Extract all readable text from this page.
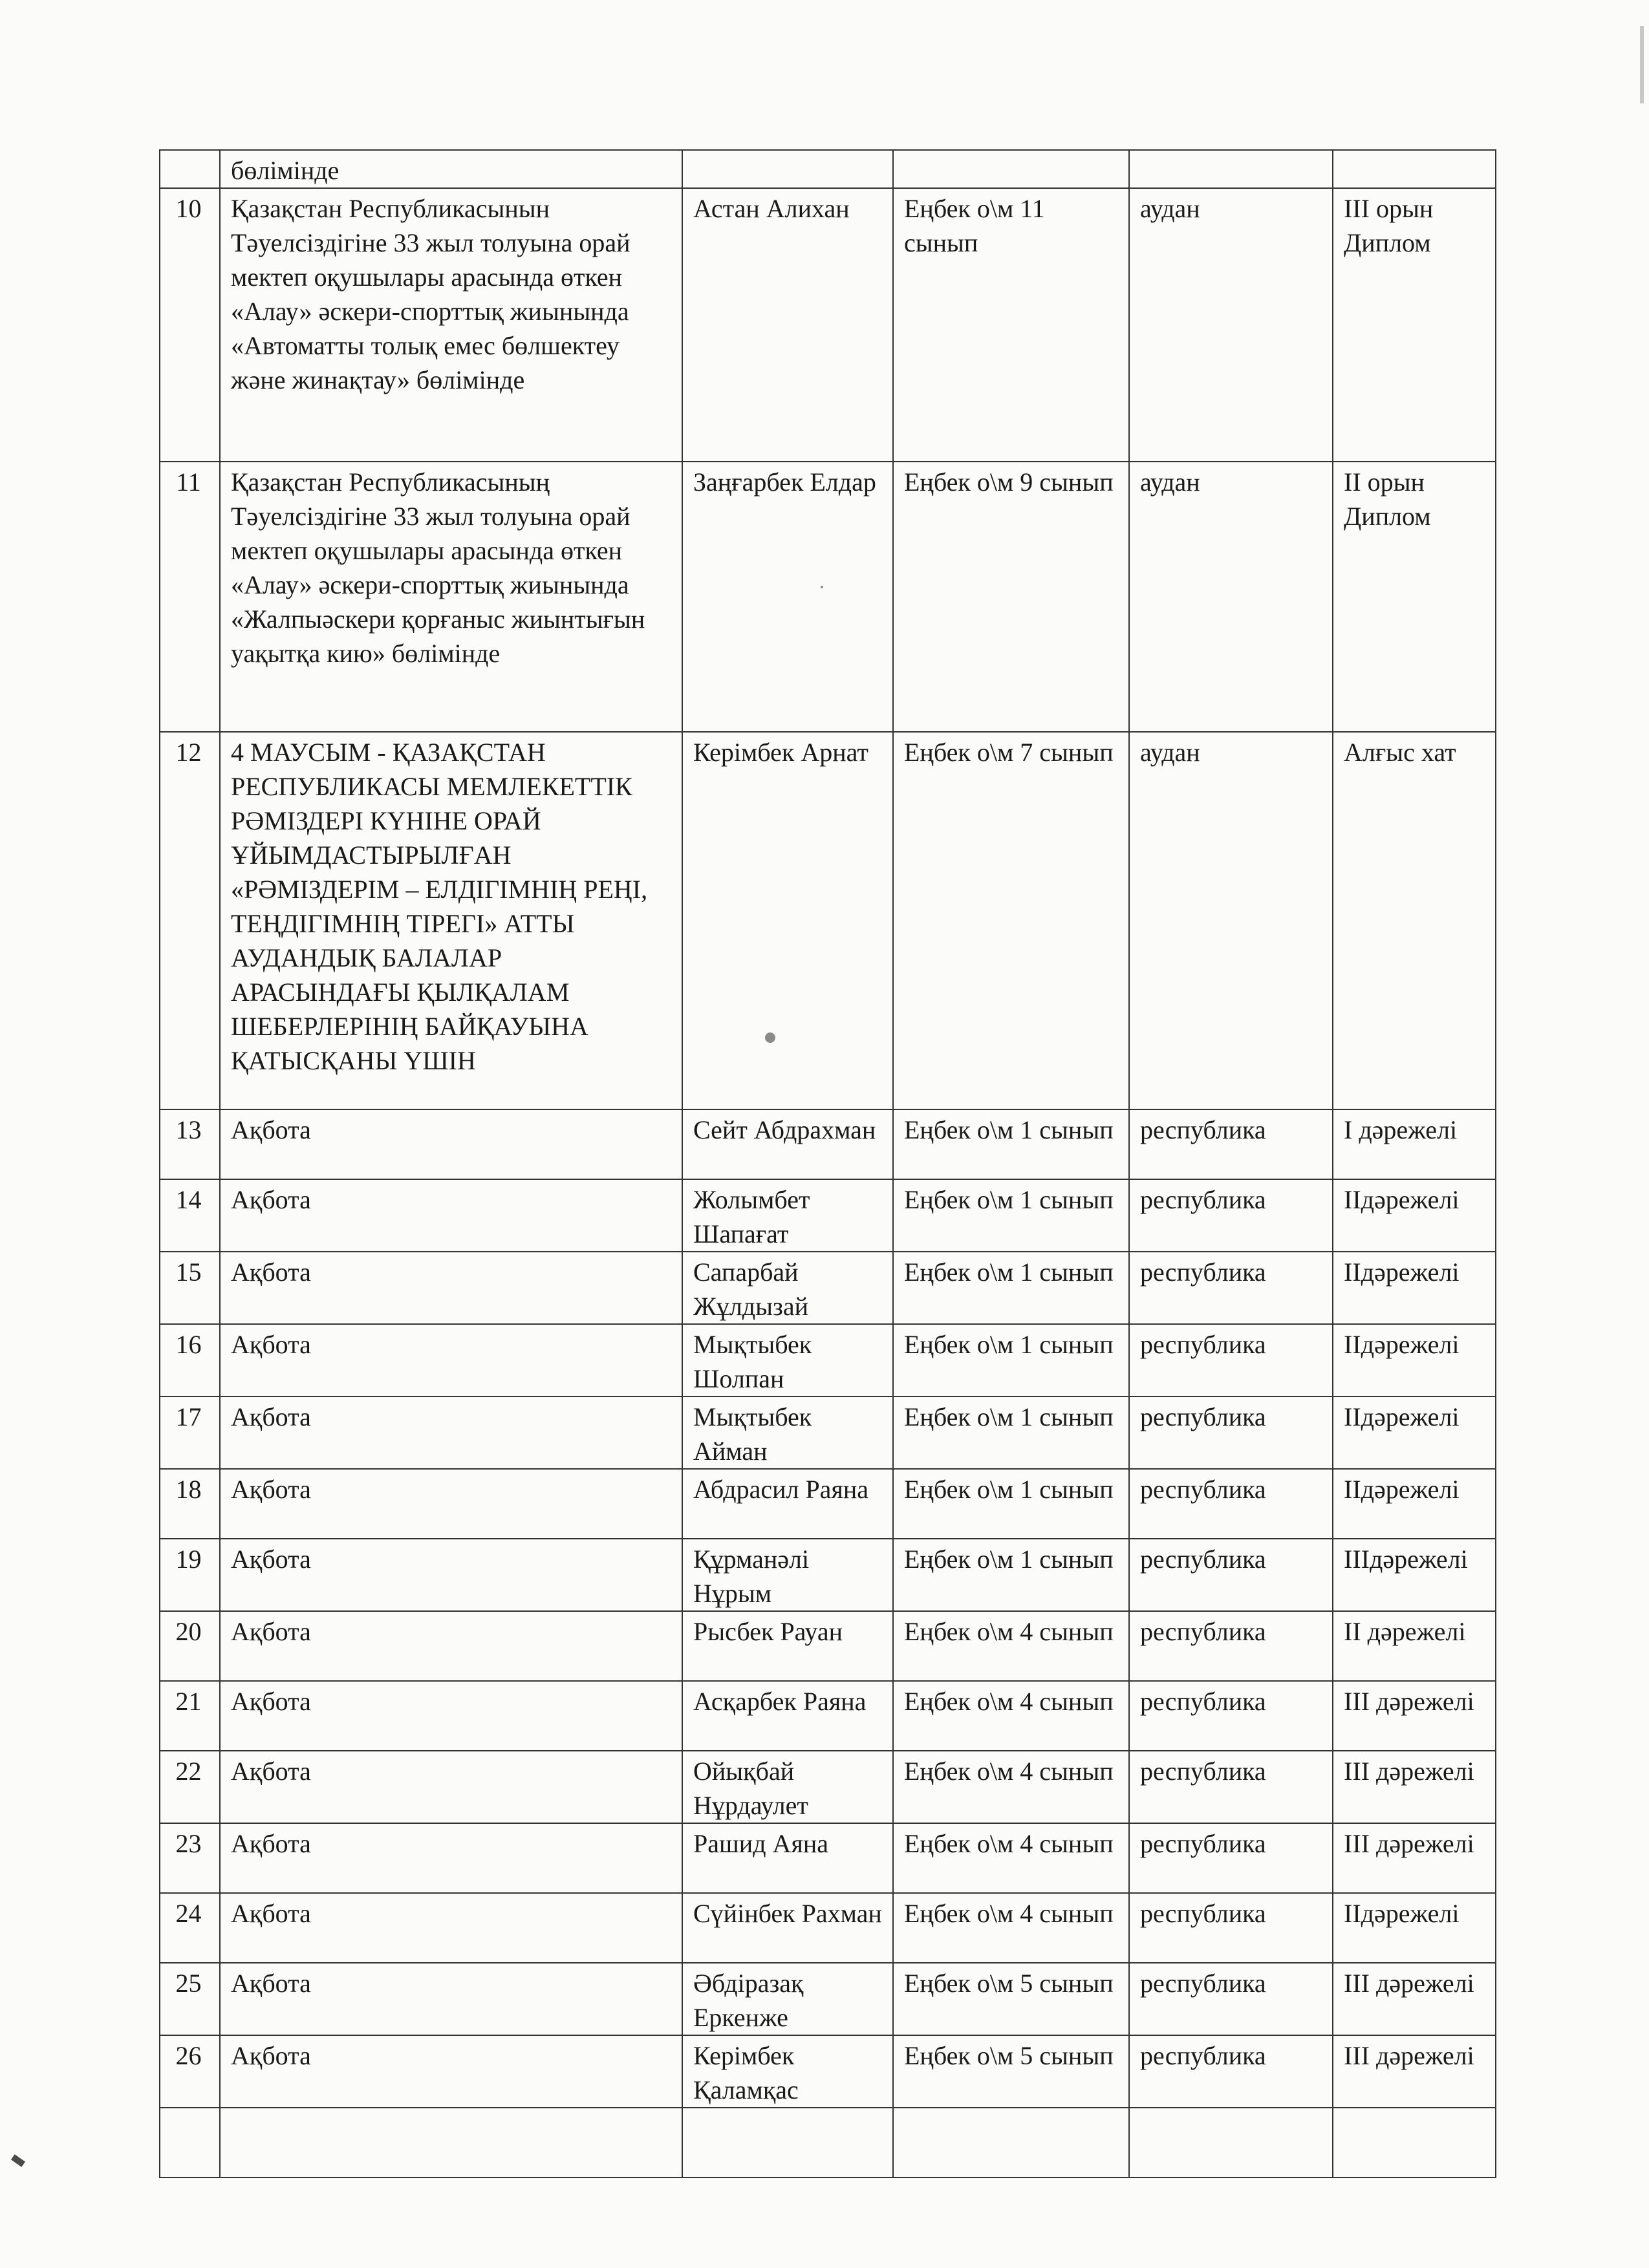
	бөлімінде				
10	Қазақстан Республикасынын Тәуелсіздігіне 33 жыл толуына орай мектеп оқушылары арасында өткен «Алау» әскери-спорттық жиынында «Автоматты толық емес бөлшектеу және жинақтау» бөлімінде	Астан Алихан	Еңбек о\м 11 сынып	аудан	ІІІ орын Диплом
11	Қазақстан Республикасының Тәуелсіздігіне 33 жыл толуына орай мектеп оқушылары арасында өткен «Алау» әскери-спорттық жиынында «Жалпыәскери қорғаныс жиынтығын уақытқа кию» бөлімінде	Заңғарбек Елдар	Еңбек о\м 9 сынып	аудан	ІІ орын Диплом
12	4 МАУСЫМ - ҚАЗАҚСТАН РЕСПУБЛИКАСЫ МЕМЛЕКЕТТІК РӘМІЗДЕРІ КҮНІНЕ ОРАЙ ҰЙЫМДАСТЫРЫЛҒАН «РӘМІЗДЕРІМ – ЕЛДІГІМНІҢ РЕҢІ, ТЕҢДІГІМНІҢ ТІРЕГІ» АТТЫ АУДАНДЫҚ БАЛАЛАР АРАСЫНДАҒЫ ҚЫЛҚАЛАМ ШЕБЕРЛЕРІНІҢ БАЙҚАУЫНА ҚАТЫСҚАНЫ ҮШІН	Керімбек Арнат	Еңбек о\м 7 сынып	аудан	Алғыс хат
13	Ақбота	Сейт Абдрахман	Еңбек о\м 1 сынып	республика	І дәрежелі
14	Ақбота	Жолымбет Шапағат	Еңбек о\м 1 сынып	республика	ІІдәрежелі
15	Ақбота	Сапарбай Жұлдызай	Еңбек о\м 1 сынып	республика	ІІдәрежелі
16	Ақбота	Мықтыбек Шолпан	Еңбек о\м 1 сынып	республика	ІІдәрежелі
17	Ақбота	Мықтыбек Айман	Еңбек о\м 1 сынып	республика	ІІдәрежелі
18	Ақбота	Абдрасил Раяна	Еңбек о\м 1 сынып	республика	ІІдәрежелі
19	Ақбота	Құрманәлі Нұрым	Еңбек о\м 1 сынып	республика	ІІІдәрежелі
20	Ақбота	Рысбек Рауан	Еңбек о\м 4 сынып	республика	ІІ дәрежелі
21	Ақбота	Асқарбек Раяна	Еңбек о\м 4 сынып	республика	ІІІ дәрежелі
22	Ақбота	Ойықбай Нұрдаулет	Еңбек о\м 4 сынып	республика	ІІІ дәрежелі
23	Ақбота	Рашид Аяна	Еңбек о\м 4 сынып	республика	ІІІ дәрежелі
24	Ақбота	Сүйінбек Рахман	Еңбек о\м 4 сынып	республика	ІІдәрежелі
25	Ақбота	Әбдіразақ Еркенже	Еңбек о\м 5 сынып	республика	ІІІ дәрежелі
26	Ақбота	Керімбек Қаламқас	Еңбек о\м 5 сынып	республика	ІІІ дәрежелі
